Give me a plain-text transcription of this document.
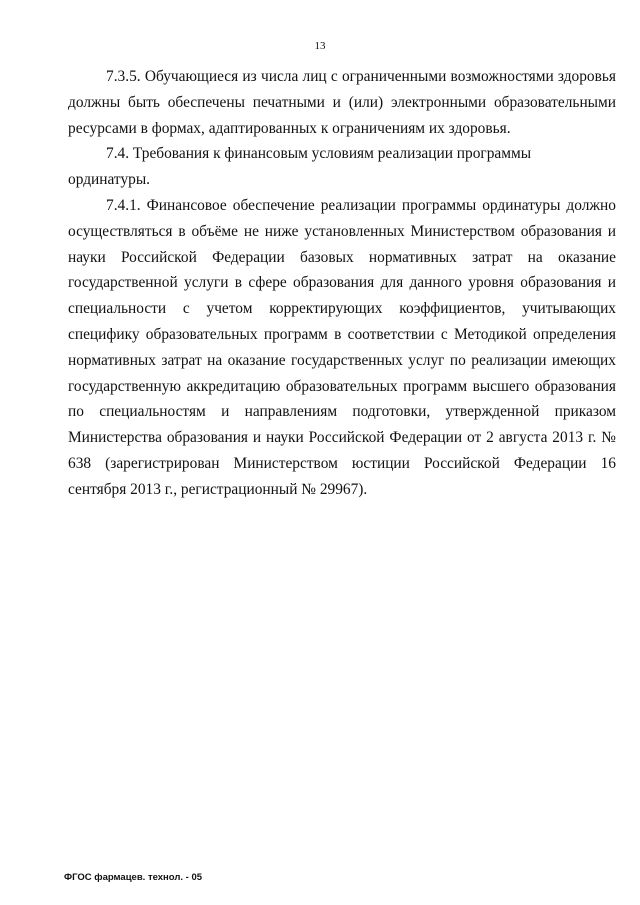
13

7.3.5. Обучающиеся из числа лиц с ограниченными возможностями здоровья должны быть обеспечены печатными и (или) электронными образовательными ресурсами в формах, адаптированных к ограничениям их здоровья.

7.4. Требования к финансовым условиям реализации программы ординатуры.

7.4.1. Финансовое обеспечение реализации программы ординатуры должно осуществляться в объёме не ниже установленных Министерством образования и науки Российской Федерации базовых нормативных затрат на оказание государственной услуги в сфере образования для данного уровня образования и специальности с учетом корректирующих коэффициентов, учитывающих специфику образовательных программ в соответствии с Методикой определения нормативных затрат на оказание государственных услуг по реализации имеющих государственную аккредитацию образовательных программ высшего образования по специальностям и направлениям подготовки, утвержденной приказом Министерства образования и науки Российской Федерации от 2 августа 2013 г. № 638 (зарегистрирован Министерством юстиции Российской Федерации 16 сентября 2013 г., регистрационный № 29967).

ФГОС фармацев. технол. - 05
